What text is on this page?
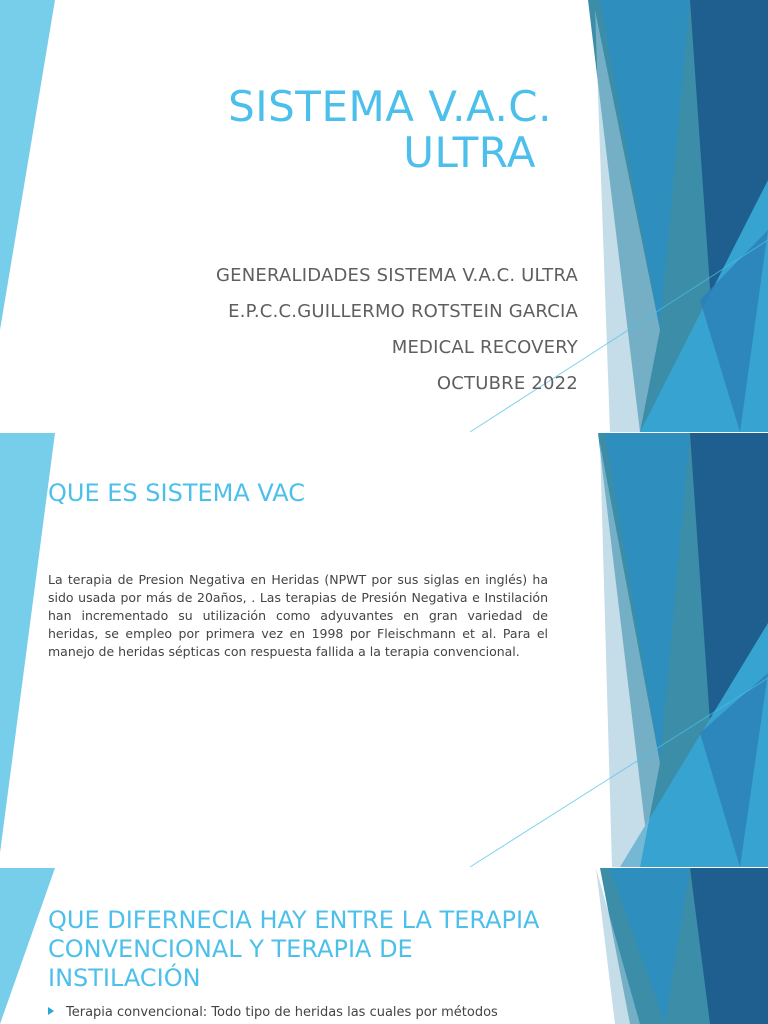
SISTEMA V.A.C.
ULTRA
GENERALIDADES SISTEMA V.A.C. ULTRA
E.P.C.C.GUILLERMO ROTSTEIN GARCIA
MEDICAL RECOVERY
OCTUBRE 2022
QUE ES SISTEMA VAC

La terapia de Presion Negativa en Heridas (NPWT por sus siglas en inglés) ha sido usada por más de 20años, . Las terapias de Presión Negativa e Instilación han incrementado su utilización como adyuvantes en gran variedad de heridas, se empleo por primera vez en 1998 por Fleischmann et al. Para el manejo de heridas sépticas con respuesta fallida a la terapia convencional.

QUE DIFERNECIA HAY ENTRE LA TERAPIA CONVENCIONAL Y TERAPIA DE INSTILACIÓN
Terapia convencional: Todo tipo de heridas las cuales por métodos
